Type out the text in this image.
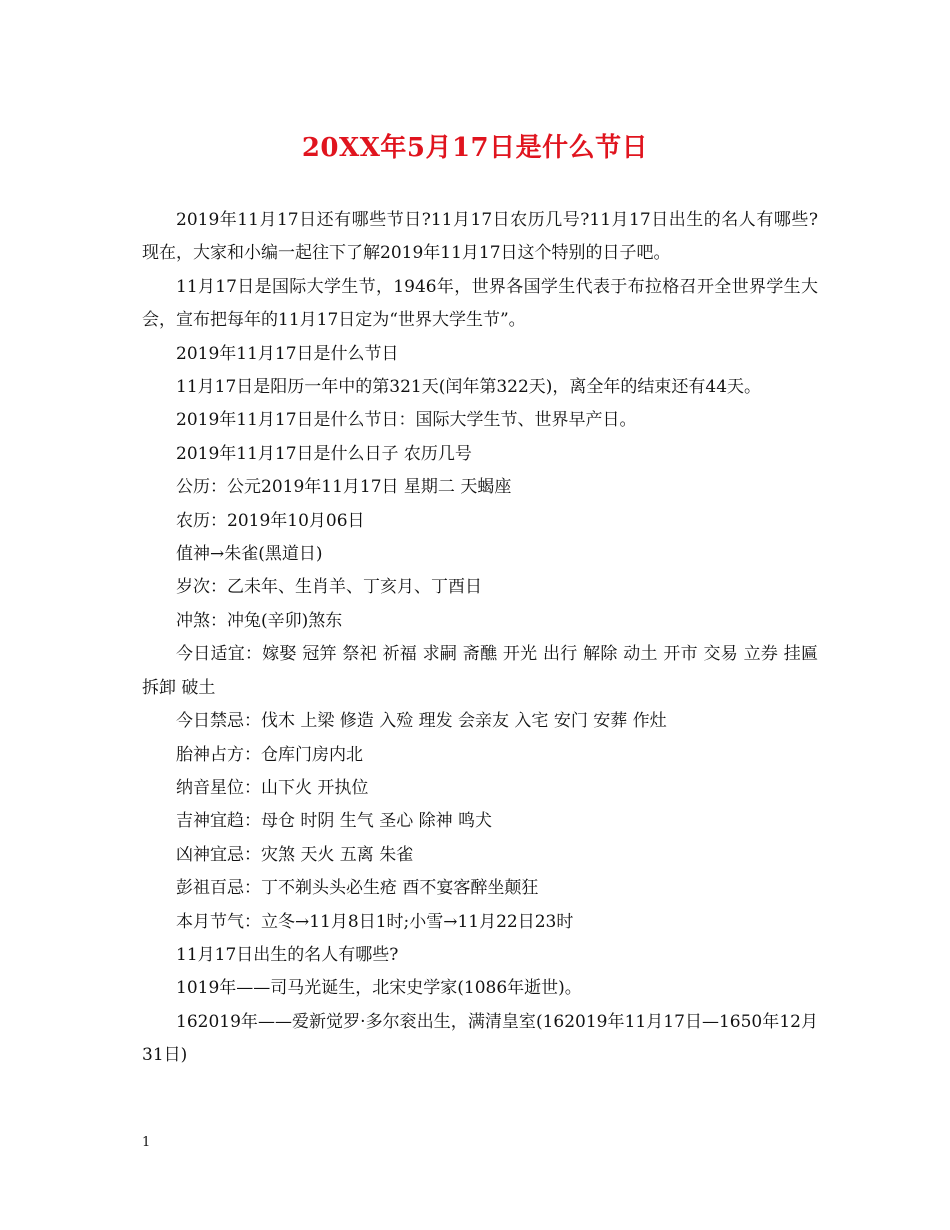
20XX年5月17日是什么节日

2019年11月17日还有哪些节日?11月17日农历几号?11月17日出生的名人有哪些?现在，大家和小编一起往下了解2019年11月17日这个特别的日子吧。

11月17日是国际大学生节，1946年，世界各国学生代表于布拉格召开全世界学生大会，宣布把每年的11月17日定为“世界大学生节”。

2019年11月17日是什么节日

11月17日是阳历一年中的第321天(闰年第322天)，离全年的结束还有44天。

2019年11月17日是什么节日：国际大学生节、世界早产日。

2019年11月17日是什么日子 农历几号

公历：公元2019年11月17日 星期二 天蝎座

农历：2019年10月06日

值神→朱雀(黑道日)

岁次：乙未年、生肖羊、丁亥月、丁酉日

冲煞：冲兔(辛卯)煞东

今日适宜：嫁娶 冠笄 祭祀 祈福 求嗣 斋醮 开光 出行 解除 动土 开市 交易 立券 挂匾 拆卸 破土

今日禁忌：伐木 上梁 修造 入殓 理发 会亲友 入宅 安门 安葬 作灶

胎神占方：仓库门房内北

纳音星位：山下火 开执位

吉神宜趋：母仓 时阴 生气 圣心 除神 鸣犬

凶神宜忌：灾煞 天火 五离 朱雀

彭祖百忌：丁不剃头头必生疮 酉不宴客醉坐颠狂

本月节气：立冬→11月8日1时;小雪→11月22日23时

11月17日出生的名人有哪些?

1019年——司马光诞生，北宋史学家(1086年逝世)。

162019年——爱新觉罗·多尔衮出生，满清皇室(162019年11月17日—1650年12月31日)

1
